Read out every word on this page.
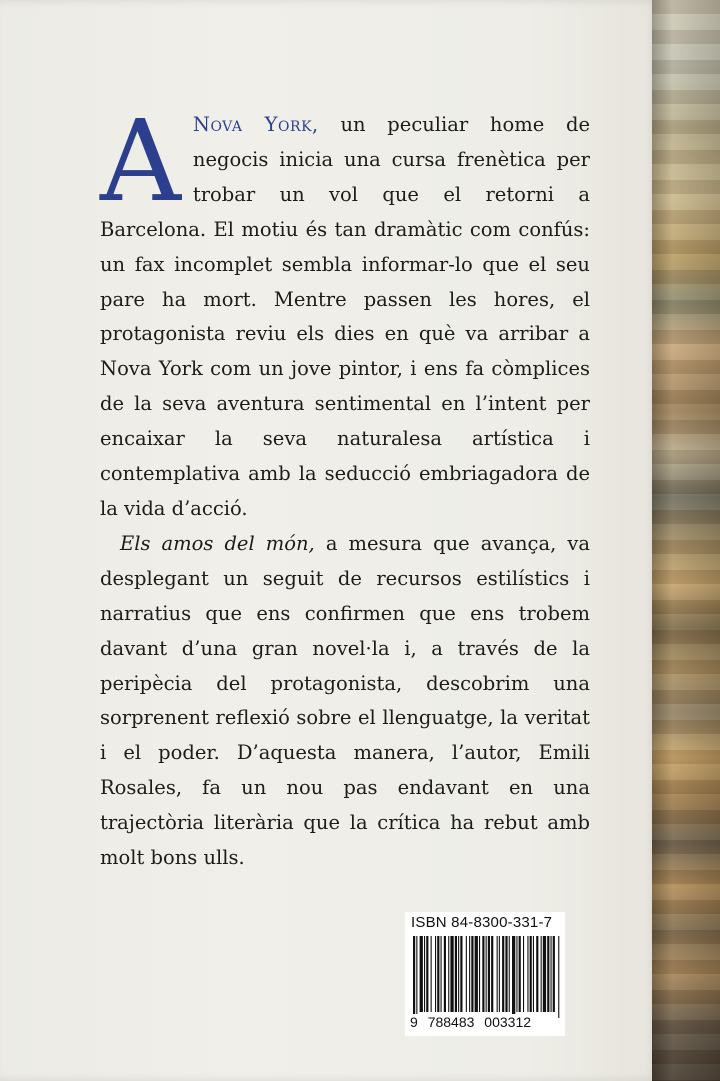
A Nova York, un peculiar home de negocis inicia una cursa frenètica per trobar un vol que el retorni a Barcelona. El motiu és tan dramàtic com confús: un fax incomplet sembla informar-lo que el seu pare ha mort. Mentre passen les hores, el protagonista reviu els dies en què va arribar a Nova York com un jove pintor, i ens fa còmplices de la seva aventura sentimental en l’intent per encaixar la seva naturalesa artística i contemplativa amb la seducció embriagadora de la vida d’acció.

Els amos del món, a mesura que avança, va desplegant un seguit de recursos estilístics i narratius que ens confirmen que ens trobem davant d’una gran novel·la i, a través de la peripècia del protagonista, descobrim una sorprenent reflexió sobre el llenguatge, la veritat i el poder. D’aquesta manera, l’autor, Emili Rosales, fa un nou pas endavant en una trajectòria literària que la crítica ha rebut amb molt bons ulls.

ISBN 84-8300-331-7
9 788483 003312
